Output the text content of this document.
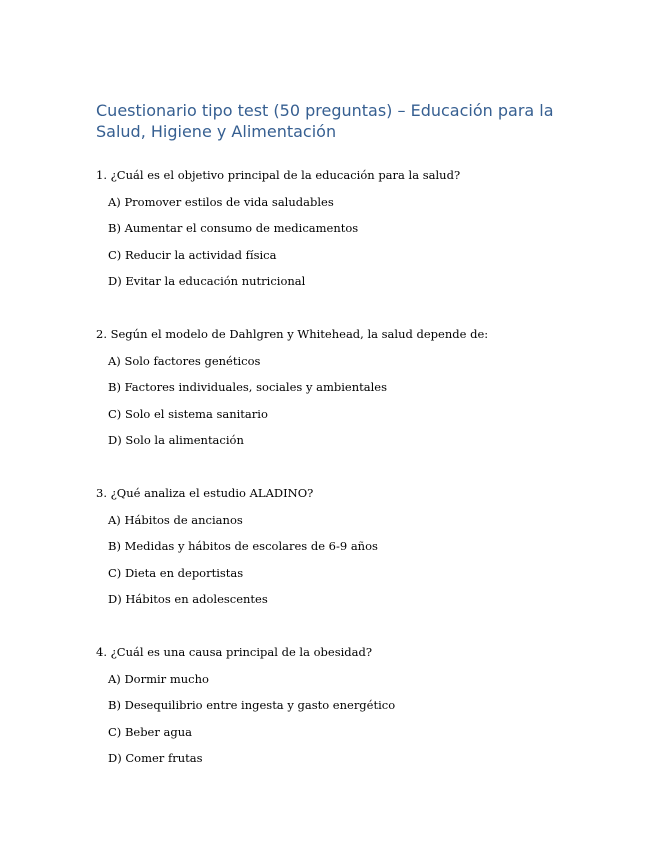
Cuestionario tipo test (50 preguntas) – Educación para la Salud, Higiene y Alimentación
1. ¿Cuál es el objetivo principal de la educación para la salud?
A) Promover estilos de vida saludables
B) Aumentar el consumo de medicamentos
C) Reducir la actividad física
D) Evitar la educación nutricional
2. Según el modelo de Dahlgren y Whitehead, la salud depende de:
A) Solo factores genéticos
B) Factores individuales, sociales y ambientales
C) Solo el sistema sanitario
D) Solo la alimentación
3. ¿Qué analiza el estudio ALADINO?
A) Hábitos de ancianos
B) Medidas y hábitos de escolares de 6-9 años
C) Dieta en deportistas
D) Hábitos en adolescentes
4. ¿Cuál es una causa principal de la obesidad?
A) Dormir mucho
B) Desequilibrio entre ingesta y gasto energético
C) Beber agua
D) Comer frutas
